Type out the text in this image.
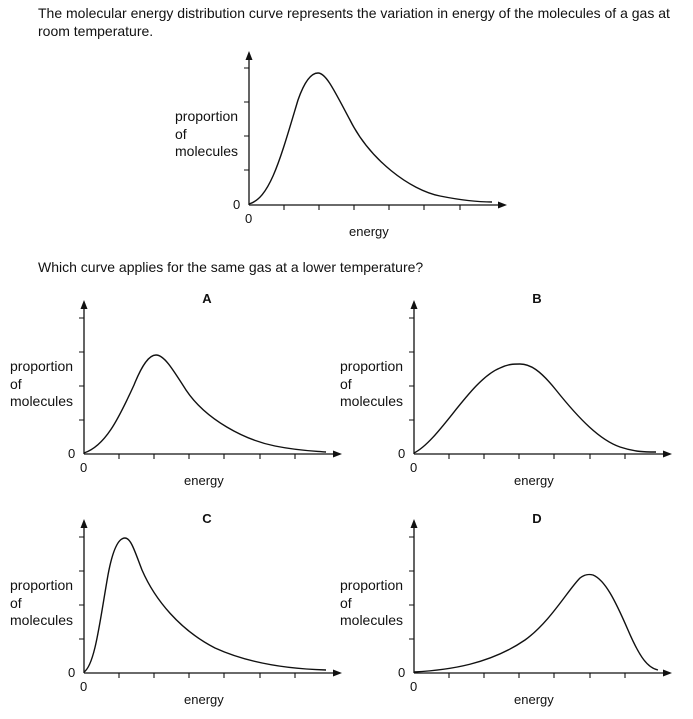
The molecular energy distribution curve represents the variation in energy of the molecules of a gas at room temperature.
proportion
of
molecules
0
0
energy
Which curve applies for the same gas at a lower temperature?
A
proportion
of
molecules
0
0
energy
B
proportion
of
molecules
0
0
energy
C
proportion
of
molecules
0
0
energy
D
proportion
of
molecules
0
0
energy
